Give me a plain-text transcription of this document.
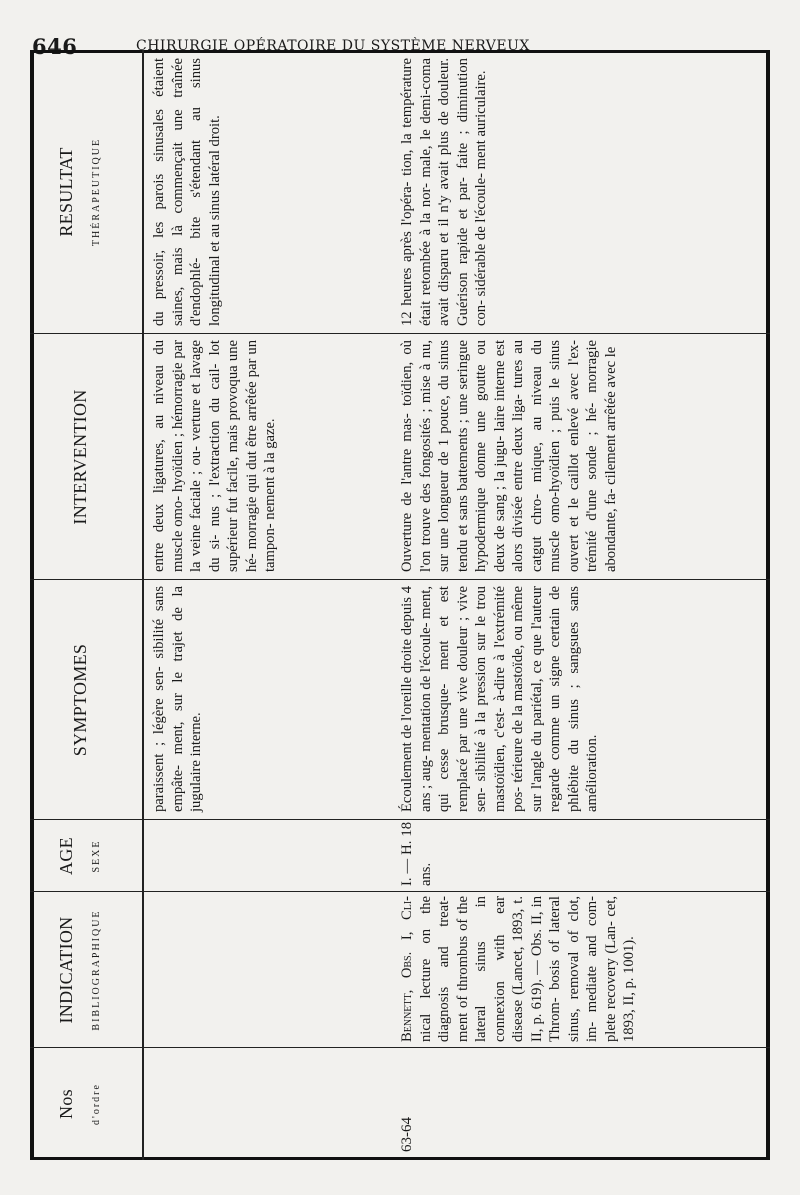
646	CHIRURGIE OPÉRATOIRE DU SYSTÈME NERVEUX
Nos d'ordre
INDICATION BIBLIOGRAPHIQUE
AGE SEXE
SYMPTOMES
INTERVENTION
RESULTAT THÉRAPEUTIQUE
paraissent ; légère sen- sibilité sans empâte- ment, sur le trajet de la jugulaire interne.
entre deux ligatures, au niveau du muscle omo- hyoïdien ; hémorragie par la veine faciale ; ou- verture et lavage du si- nus ; l'extraction du cail- lot supérieur fut facile, mais provoqua une hé- morragie qui dut être arrêtée par un tampon- nement à la gaze.
du pressoir, les parois sinusales étaient saines, mais là commençait une traînée d'endophlé- bite s'étendant au sinus longitudinal et au sinus latéral droit.
63-64
Bennett, Obs. I, Cli- nical lecture on the diagnosis and treat- ment of thrombus of the lateral sinus in connexion with ear disease (Lancet, 1893, t. II, p. 619). — Obs. II, in Throm- bosis of lateral sinus, removal of clot, im- mediate and com- plete recovery (Lan- cet, 1893, II, p. 1001).
I. — H. 18 ans.
Écoulement de l'oreille droite depuis 4 ans ; aug- mentation de l'écoule- ment, qui cesse brusque- ment et est remplacé par une vive douleur ; vive sen- sibilité à la pression sur le trou mastoïdien, c'est- à-dire à l'extrémité pos- térieure de la mastoïde, ou même sur l'angle du pariétal, ce que l'auteur regarde comme un signe certain de phlébite du sinus ; sangsues sans amélioration.
Ouverture de l'antre mas- toïdien, où l'on trouve des fongosités ; mise à nu, sur une longueur de 1 pouce, du sinus tendu et sans battements ; une seringue hypodermique donne une goutte ou deux de sang ; la jugu- laire interne est alors divisée entre deux liga- tures au catgut chro- mique, au niveau du muscle omo-hyoïdien ; puis le sinus ouvert et le caillot enlevé avec l'ex- trémité d'une sonde ; hé- morragie abondante, fa- cilement arrêtée avec le
12 heures après l'opéra- tion, la température était retombée à la nor- male, le demi-coma avait disparu et il n'y avait plus de douleur. Guérison rapide et par- faite ; diminution con- sidérable de l'écoule- ment auriculaire.
